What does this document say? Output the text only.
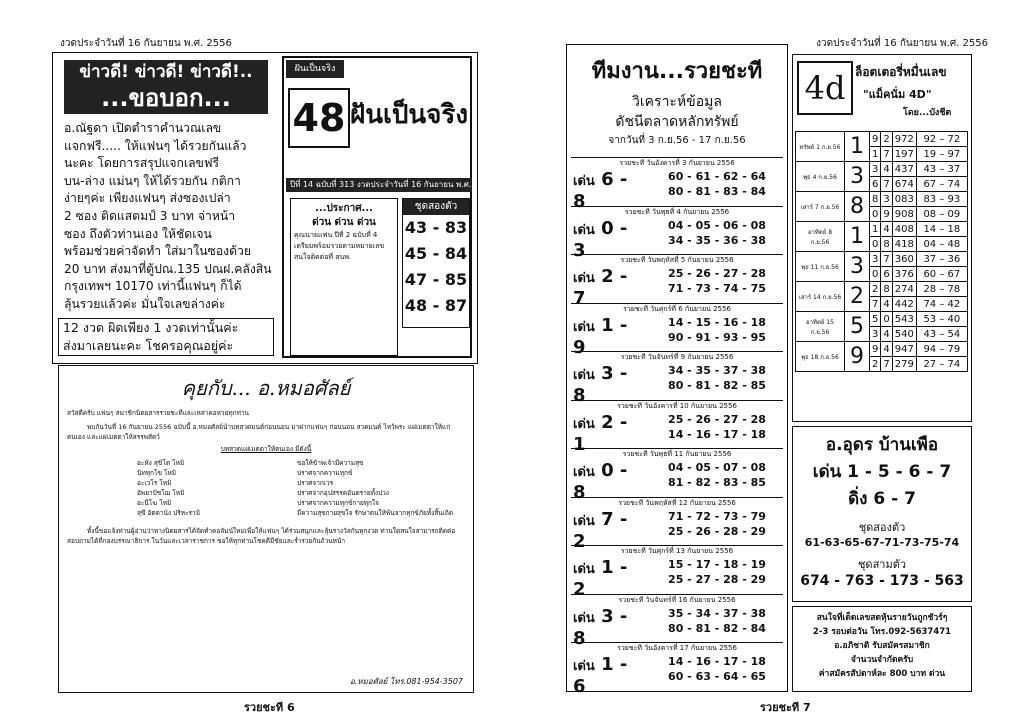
งวดประจำวันที่ 16 กันยายน พ.ศ. 2556
ข่าวดี! ข่าวดี! ข่าวดี!..
...ขอบอก...
อ.ณัฐดา เปิดตำราคำนวณเลข
แจกฟรี..... ให้แฟนๆ ได้รวยกันแล้ว
นะคะ โดยการสรุปแจกเลขฟรี
บน-ล่าง แม่นๆ ให้ได้รวยกัน กติกา
ง่ายๆค่ะ เพียงแฟนๆ ส่งซองเปล่า
2 ซอง ติดแสตมป์ 3 บาท จ่าหน้า
ซอง ถึงตัวท่านเอง ให้ชัดเจน
พร้อมช่วยค่าจัดทำ ใส่มาในซองด้วย
20 บาท ส่งมาที่ตู้ปณ.135 ปณฝ.คลังสิน
กรุงเทพฯ 10170 เท่านี้แฟนๆ ก็ได้
ลุ้นรวยแล้วค่ะ มั่นใจเลขล่างค่ะ
12 งวด ผิดเพียง 1 งวดเท่านั้นค่ะ
ส่งมาเลยนะคะ โชครอคุณอยู่ค่ะ
ฝันเป็นจริง
48 ฝันเป็นจริง
ปีที่ 14 ฉบับที่ 313 งวดประจำวันที่ 16 กันยายน พ.ศ. 2556 ราคา 20 บาท
...ประกาศ...
ด่วน ด่วน ด่วน
คุณนายแฟน ปีที่ 2 ฉบับที่ 4 เตรียมพร้อมรวยตามหมายเลข สนใจติดต่อที่ สนพ.
ชุดสองตัว
43 - 83
45 - 84
47 - 85
48 - 87
คุยกับ... อ.หมอศัลย์
สวัสดีครับ แฟนๆ สมาชิกนิตยสารรวยชะทีและเหล่าคอหวยทุกท่าน
พบกันวันที่ 16 กันยายน 2556 ฉบับนี้ อ.หมอศัลย์นำบทสวดมนต์ก่อนนอน มาฝากแฟนๆ ก่อนนอน สวดมนต์ ไหว้พระ แผ่เมตตาให้แก่ตนเอง และแผ่เมตตาให้สรรพสัตว์
บทสวดแผ่เมตตาให้ตนเอง มีดังนี้
อะหัง สุขิโต โหมิ	ขอให้ข้าพเจ้ามีความสุข
นิททุกโข โหมิ	ปราศจากความทุกข์
อะเวโร โหมิ	ปราศจากเวร
อัพยาปัชโฌ โหมิ	ปราศจากอุปสรรคอันตรายทั้งปวง
อะนีโฆ โหมิ	ปราศจากความทุกข์กายทุกใจ
สุขี อัตตานัง ปริหะรามิ	มีความสุขกายสุขใจ รักษาตนให้พ้นจากทุกข์ภัยทั้งสิ้นเถิด
ทั้งนี้ขอแจ้งท่านผู้อ่านว่าทางนิตยสารได้จัดทำคอลัมน์ใหม่เพื่อให้แฟนๆ ได้ร่วมสนุกและลุ้นรางวัลกันทุกงวด ท่านใดสนใจสามารถติดต่อสอบถามได้ที่กองบรรณาธิการ ในวันและเวลาราชการ ขอให้ทุกท่านโชคดีมีชัยและร่ำรวยกันถ้วนหน้า
อ.หมอศัลย์ โทร.081-954-3507
รวยชะที 6
งวดประจำวันที่ 16 กันยายน พ.ศ. 2556
รวยชะที 7
ทีมงาน...รวยชะที
วิเคราะห์ข้อมูล
ดัชนีตลาดหลักทรัพย์
จากวันที่ 3 ก.ย.56 - 17 ก.ย.56
รวยชะที วันอังคารที่ 3 กันยายน 2556
เด่น 6 - 8
60 - 61 - 62 - 64
80 - 81 - 83 - 84
รวยชะที วันพุธที่ 4 กันยายน 2556
เด่น 0 - 3
04 - 05 - 06 - 08
34 - 35 - 36 - 38
รวยชะที วันพฤหัสที่ 5 กันยายน 2556
เด่น 2 - 7
25 - 26 - 27 - 28
71 - 73 - 74 - 75
รวยชะที วันศุกร์ที่ 6 กันยายน 2556
เด่น 1 - 9
14 - 15 - 16 - 18
90 - 91 - 93 - 95
รวยชะที วันจันทร์ที่ 9 กันยายน 2556
เด่น 3 - 8
34 - 35 - 37 - 38
80 - 81 - 82 - 85
รวยชะที วันอังคารที่ 10 กันยายน 2556
เด่น 2 - 1
25 - 26 - 27 - 28
14 - 16 - 17 - 18
รวยชะที วันพุธที่ 11 กันยายน 2556
เด่น 0 - 8
04 - 05 - 07 - 08
81 - 82 - 83 - 85
รวยชะที วันพฤหัสที่ 12 กันยายน 2556
เด่น 7 - 2
71 - 72 - 73 - 79
25 - 26 - 28 - 29
รวยชะที วันศุกร์ที่ 13 กันยายน 2556
เด่น 1 - 2
15 - 17 - 18 - 19
25 - 27 - 28 - 29
รวยชะที วันจันทร์ที่ 16 กันยายน 2556
เด่น 3 - 8
35 - 34 - 37 - 38
80 - 81 - 82 - 84
รวยชะที วันอังคารที่ 17 กันยายน 2556
เด่น 1 - 6
14 - 16 - 17 - 18
60 - 63 - 64 - 65
4d ล็อตเตอรี่หมื่นเลข
"แม็คนั่ม 4D"
โดย...บังชีต
ทรัพย์ 1 ก.ย.56	1	9	2	972	92 – 72
		1	7	197	19 – 97
พุธ 4 ก.ย.56	3	3	4	437	43 – 37
		6	7	674	67 – 74
เสาร์ 7 ก.ย.56	8	8	3	083	83 – 93
		0	9	908	08 – 09
อาทิตย์ 8 ก.ย.56	1	1	4	408	14 – 18
		0	8	418	04 – 48
พุธ 11 ก.ย.56	3	3	7	360	37 – 36
		0	6	376	60 – 67
เสาร์ 14 ก.ย.56	2	2	8	274	28 – 78
		7	4	442	74 – 42
อาทิตย์ 15 ก.ย.56	5	5	0	543	53 – 40
		3	4	540	43 – 54
พุธ 18 ก.ย.56	9	9	4	947	94 – 79
		2	7	279	27 – 74
อ.อุดร บ้านเพือ
เด่น 1 - 5 - 6 - 7
ดิ่ง 6 - 7
ชุดสองตัว
61-63-65-67-71-73-75-74
ชุดสามตัว
674 - 763 - 173 - 563
สนใจที่เด็ดเลขสดหุ้นรายวันถูกชัวร์ๆ
2-3 รอบต่อวัน โทร.092-5637471
อ.อภิชาติ รับสมัครสมาชิก
จำนวนจำกัดครับ
ค่าสมัครสัปดาห์ละ 800 บาท ด่วน
